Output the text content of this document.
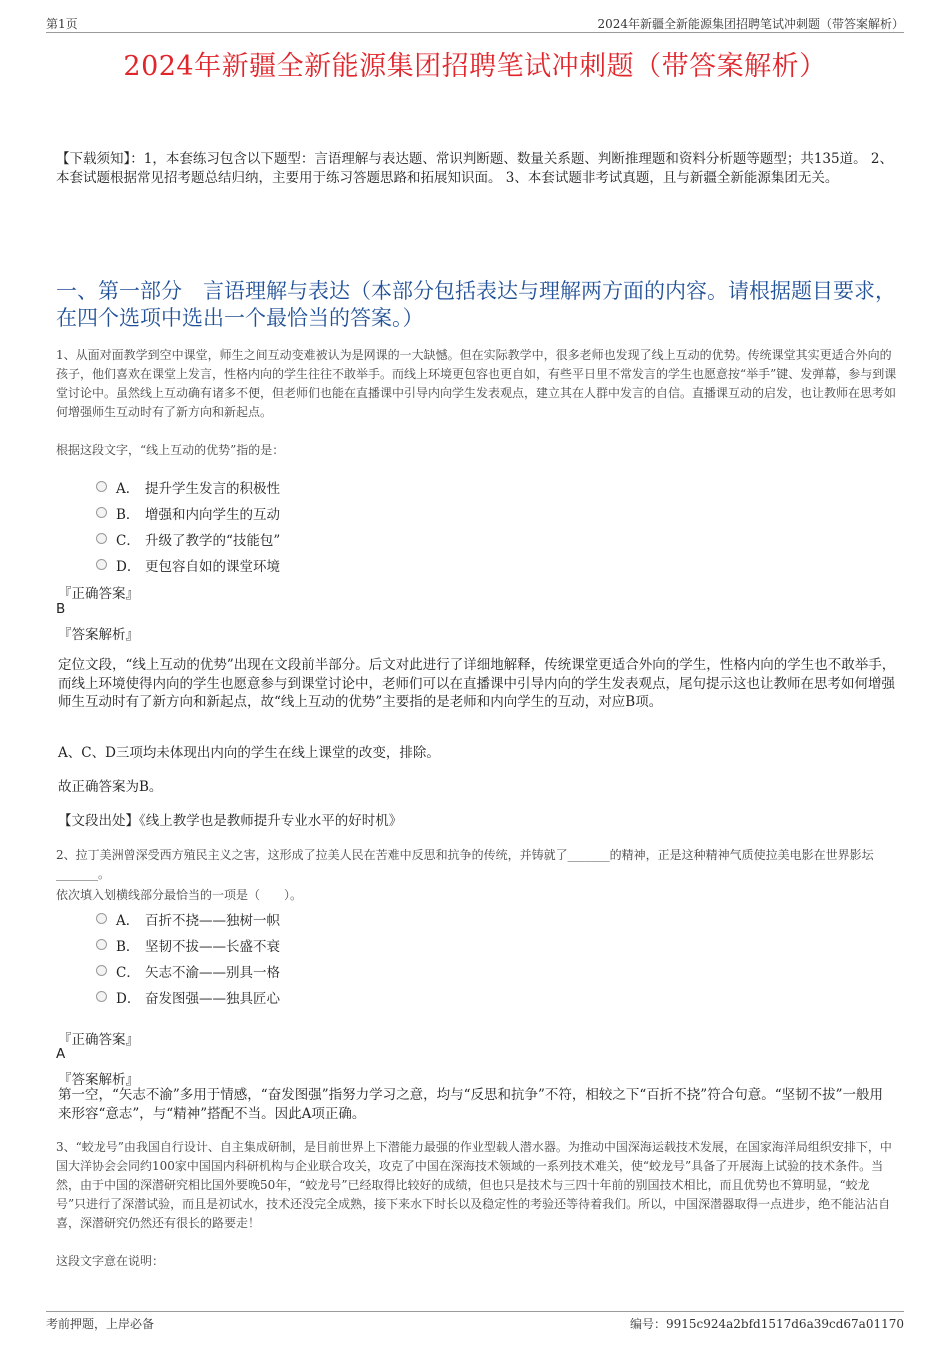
第1页	2024年新疆全新能源集团招聘笔试冲刺题（带答案解析）
2024年新疆全新能源集团招聘笔试冲刺题（带答案解析）
【下载须知】：1，本套练习包含以下题型：言语理解与表达题、常识判断题、数量关系题、判断推理题和资料分析题等题型；共135道。 2、本套试题根据常见招考题总结归纳，主要用于练习答题思路和拓展知识面。 3、本套试题非考试真题，且与新疆全新能源集团无关。
一、第一部分　言语理解与表达（本部分包括表达与理解两方面的内容。请根据题目要求，在四个选项中选出一个最恰当的答案。）
1、从面对面教学到空中课堂，师生之间互动变难被认为是网课的一大缺憾。但在实际教学中，很多老师也发现了线上互动的优势。传统课堂其实更适合外向的孩子，他们喜欢在课堂上发言，性格内向的学生往往不敢举手。而线上环境更包容也更自如，有些平日里不常发言的学生也愿意按“举手”键、发弹幕，参与到课堂讨论中。虽然线上互动确有诸多不便，但老师们也能在直播课中引导内向学生发表观点，建立其在人群中发言的自信。直播课互动的启发，也让教师在思考如何增强师生互动时有了新方向和新起点。
根据这段文字，“线上互动的优势”指的是：
A． 提升学生发言的积极性
B． 增强和内向学生的互动
C． 升级了教学的“技能包”
D． 更包容自如的课堂环境
『正确答案』
B
『答案解析』
定位文段，“线上互动的优势”出现在文段前半部分。后文对此进行了详细地解释，传统课堂更适合外向的学生，性格内向的学生也不敢举手，而线上环境使得内向的学生也愿意参与到课堂讨论中，老师们可以在直播课中引导内向的学生发表观点，尾句提示这也让教师在思考如何增强师生互动时有了新方向和新起点，故“线上互动的优势”主要指的是老师和内向学生的互动，对应B项。
A、C、D三项均未体现出内向的学生在线上课堂的改变，排除。
故正确答案为B。
【文段出处】《线上教学也是教师提升专业水平的好时机》
2、拉丁美洲曾深受西方殖民主义之害，这形成了拉美人民在苦难中反思和抗争的传统，并铸就了_______的精神，正是这种精神气质使拉美电影在世界影坛_______。
依次填入划横线部分最恰当的一项是（　　）。
A． 百折不挠——独树一帜
B． 坚韧不拔——长盛不衰
C． 矢志不渝——别具一格
D． 奋发图强——独具匠心
『正确答案』
A
『答案解析』
第一空，“矢志不渝”多用于情感，“奋发图强”指努力学习之意，均与“反思和抗争”不符，相较之下“百折不挠”符合句意。“坚韧不拔”一般用来形容“意志”，与“精神”搭配不当。因此A项正确。
3、“蛟龙号”由我国自行设计、自主集成研制，是目前世界上下潜能力最强的作业型载人潜水器。为推动中国深海运载技术发展，在国家海洋局组织安排下，中国大洋协会会同约100家中国国内科研机构与企业联合攻关，攻克了中国在深海技术领域的一系列技术难关，使“蛟龙号”具备了开展海上试验的技术条件。当然，由于中国的深潜研究相比国外要晚50年，“蛟龙号”已经取得比较好的成绩，但也只是技术与三四十年前的别国技术相比，而且优势也不算明显，“蛟龙号”只进行了深潜试验，而且是初试水，技术还没完全成熟，接下来水下时长以及稳定性的考验还等待着我们。所以，中国深潜器取得一点进步，绝不能沾沾自喜，深潜研究仍然还有很长的路要走！
这段文字意在说明：
考前押题，上岸必备	编号：9915c924a2bfd1517d6a39cd67a01170
